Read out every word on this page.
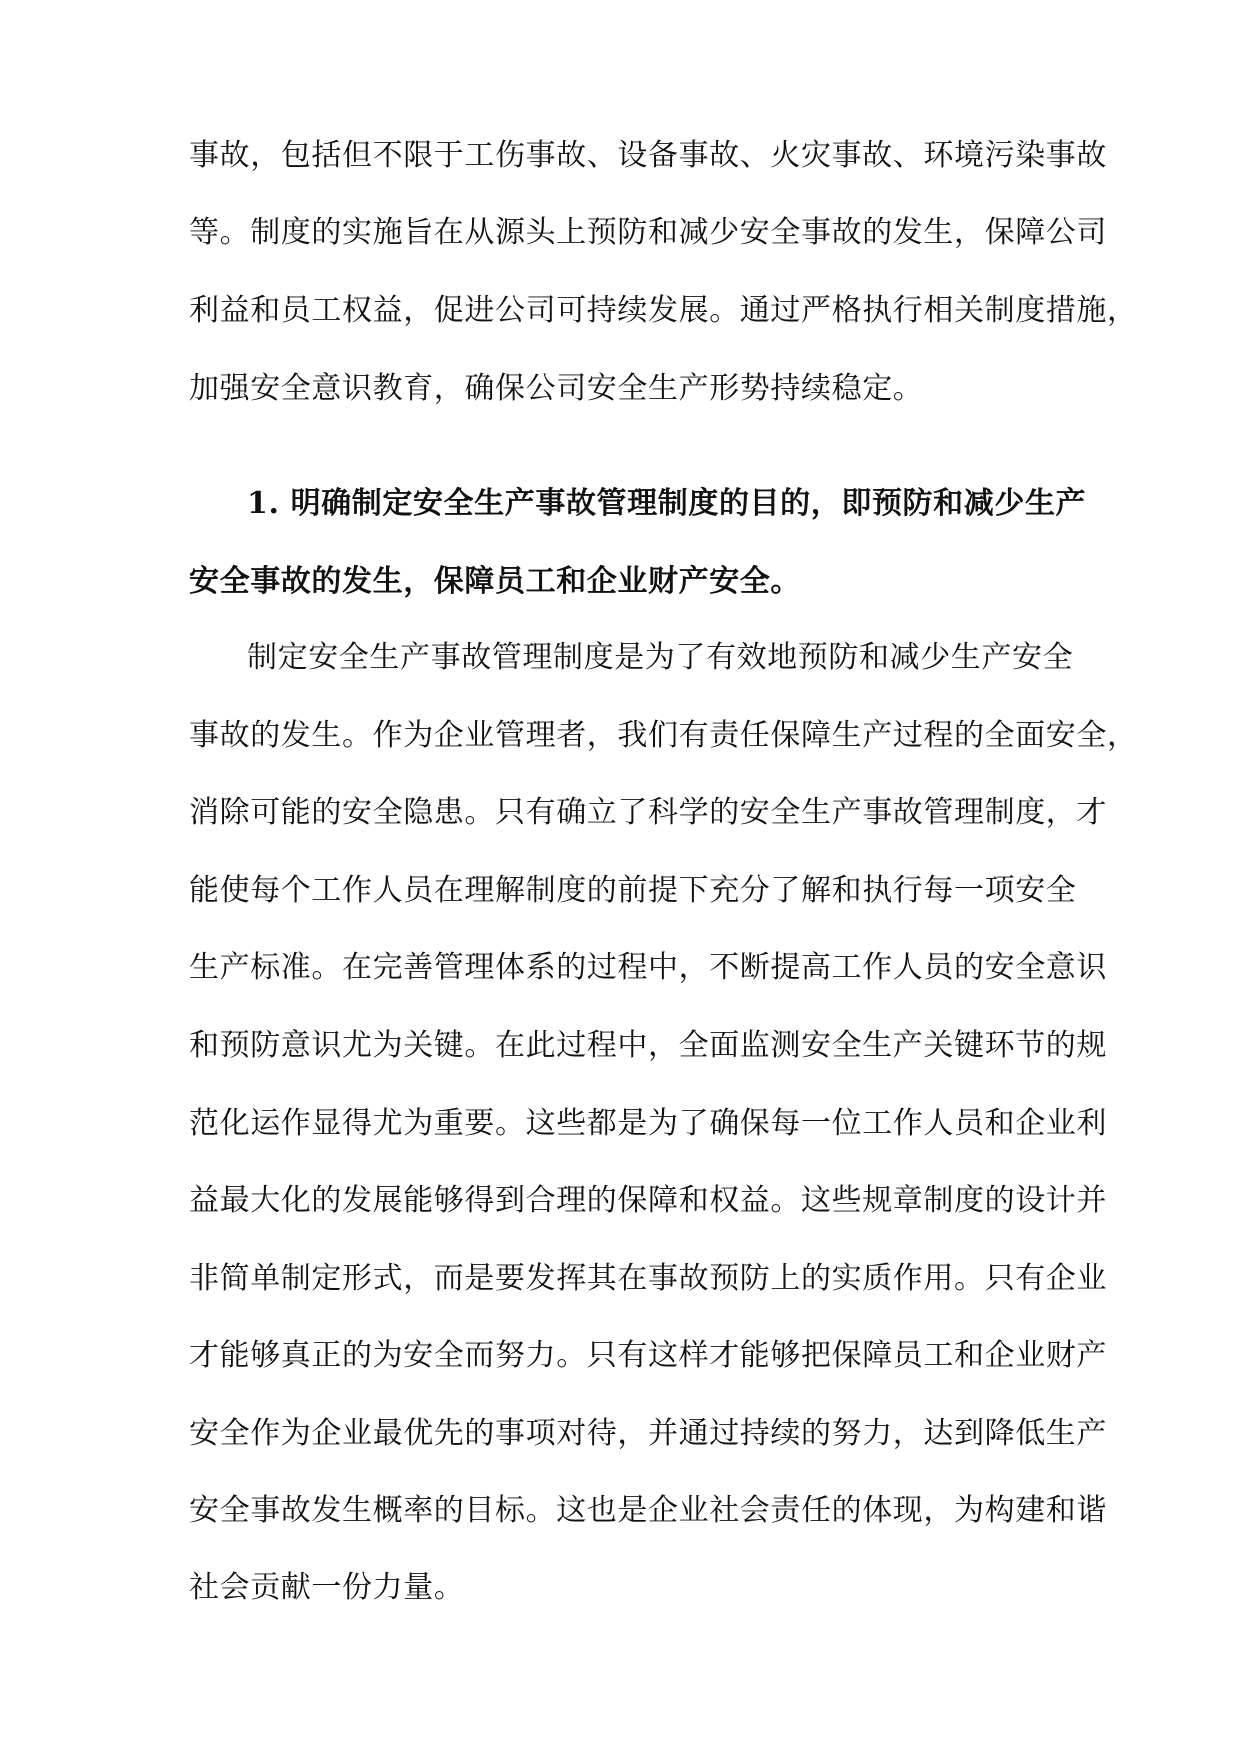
事故，包括但不限于工伤事故、设备事故、火灾事故、环境污染事故
等。制度的实施旨在从源头上预防和减少安全事故的发生，保障公司
利益和员工权益，促进公司可持续发展。通过严格执行相关制度措施，
加强安全意识教育，确保公司安全生产形势持续稳定。
1. 明确制定安全生产事故管理制度的目的，即预防和减少生产
安全事故的发生，保障员工和企业财产安全。
制定安全生产事故管理制度是为了有效地预防和减少生产安全
事故的发生。作为企业管理者，我们有责任保障生产过程的全面安全，
消除可能的安全隐患。只有确立了科学的安全生产事故管理制度，才
能使每个工作人员在理解制度的前提下充分了解和执行每一项安全
生产标准。在完善管理体系的过程中，不断提高工作人员的安全意识
和预防意识尤为关键。在此过程中，全面监测安全生产关键环节的规
范化运作显得尤为重要。这些都是为了确保每一位工作人员和企业利
益最大化的发展能够得到合理的保障和权益。这些规章制度的设计并
非简单制定形式，而是要发挥其在事故预防上的实质作用。只有企业
才能够真正的为安全而努力。只有这样才能够把保障员工和企业财产
安全作为企业最优先的事项对待，并通过持续的努力，达到降低生产
安全事故发生概率的目标。这也是企业社会责任的体现，为构建和谐
社会贡献一份力量。
